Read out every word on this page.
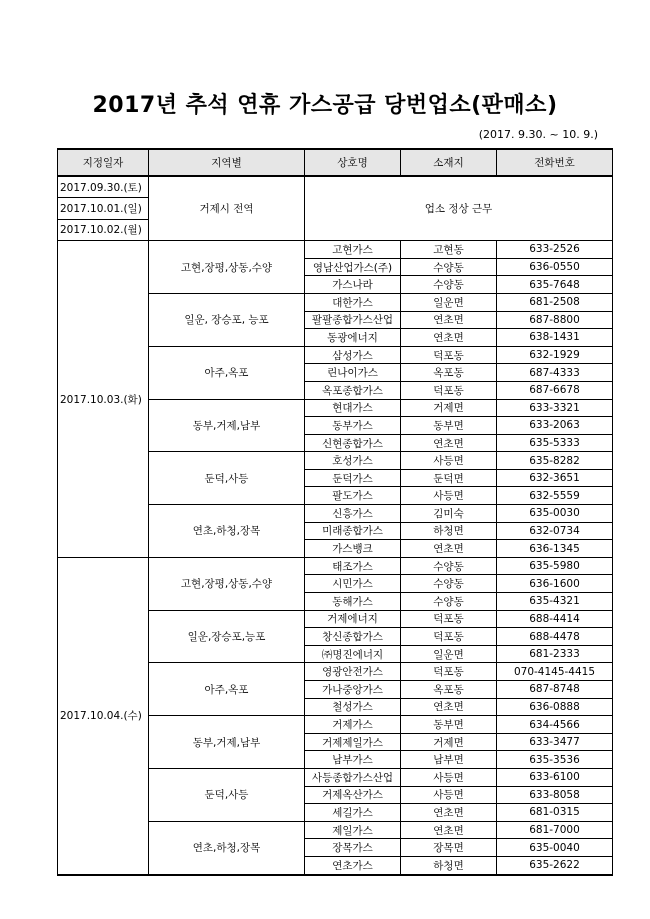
2017년 추석 연휴 가스공급 당번업소(판매소)
(2017. 9.30. ~ 10. 9.)
지정일자	지역별	상호명	소재지	전화번호
2017.09.30.(토)	거제시 전역	업소 정상 근무		
2017.10.01.(일)				
2017.10.02.(월)				
2017.10.03.(화)	고현,장평,상동,수양	고현가스	고현동	633-2526
		영남산업가스(주)	수양동	636-0550
		가스나라	수양동	635-7648
	일운, 장승포, 능포	대한가스	일운면	681-2508
		팔팔종합가스산업	연초면	687-8800
		동광에너지	연초면	638-1431
	아주,옥포	삼성가스	덕포동	632-1929
		린나이가스	옥포동	687-4333
		옥포종합가스	덕포동	687-6678
	동부,거제,남부	현대가스	거제면	633-3321
		동부가스	동부면	633-2063
		신현종합가스	연초면	635-5333
	둔덕,사등	호성가스	사등면	635-8282
		둔덕가스	둔덕면	632-3651
		팔도가스	사등면	632-5559
	연초,하청,장목	신흥가스	김미숙	635-0030
		미래종합가스	하청면	632-0734
		가스뱅크	연초면	636-1345
2017.10.04.(수)	고현,장평,상동,수양	태조가스	수양동	635-5980
		시민가스	수양동	636-1600
		동해가스	수양동	635-4321
	일운,장승포,능포	거제에너지	덕포동	688-4414
		창신종합가스	덕포동	688-4478
		㈜명진에너지	일운면	681-2333
	아주,옥포	영광안전가스	덕포동	070-4145-4415
		가나중앙가스	옥포동	687-8748
		철성가스	연초면	636-0888
	동부,거제,남부	거제가스	동부면	634-4566
		거제제일가스	거제면	633-3477
		남부가스	남부면	635-3536
	둔덕,사등	사등종합가스산업	사등면	633-6100
		거제옥산가스	사등면	633-8058
		세길가스	연초면	681-0315
	연초,하청,장목	제일가스	연초면	681-7000
		장목가스	장목면	635-0040
		연초가스	하청면	635-2622
